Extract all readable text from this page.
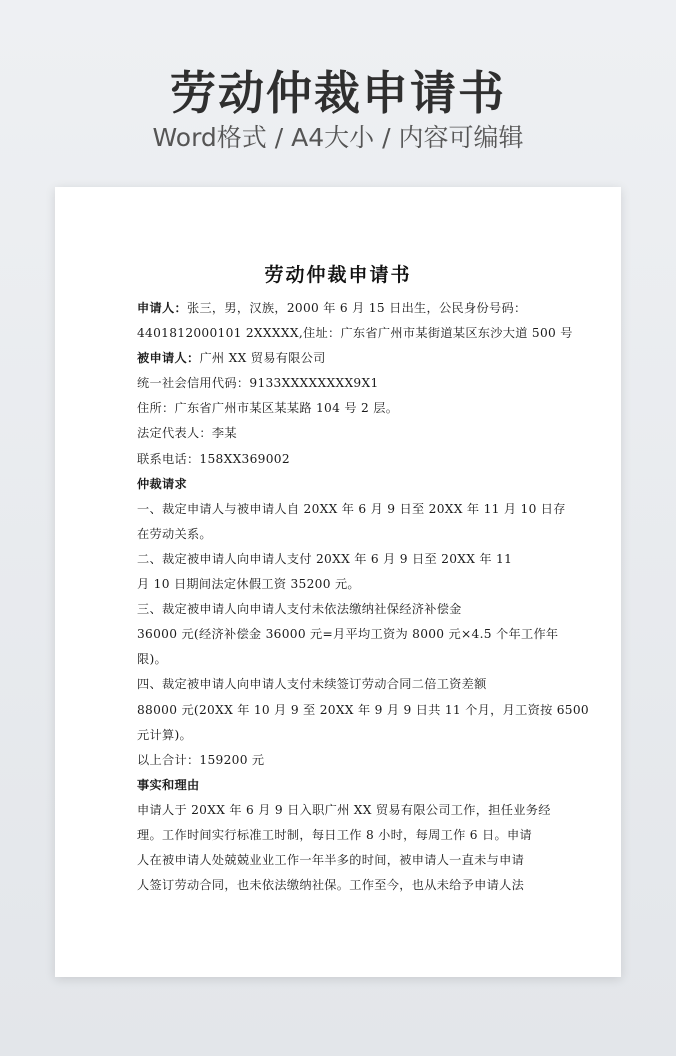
劳动仲裁申请书
Word格式 / A4大小 / 内容可编辑
劳动仲裁申请书
申请人：张三，男，汉族，2000 年 6 月 15 日出生，公民身份号码：
4401812000101 2XXXXX,住址：广东省广州市某街道某区东沙大道 500 号
被申请人：广州 XX 贸易有限公司
统一社会信用代码：9133XXXXXXXX9X1
住所：广东省广州市某区某某路 104 号 2 层。
法定代表人：李某
联系电话：158XX369002
仲裁请求
一、裁定申请人与被申请人自 20XX 年 6 月 9 日至 20XX 年 11 月 10 日存
在劳动关系。
二、裁定被申请人向申请人支付 20XX 年 6 月 9 日至 20XX 年 11
月 10 日期间法定休假工资 35200 元。
三、裁定被申请人向申请人支付未依法缴纳社保经济补偿金
36000 元(经济补偿金 36000 元=月平均工资为 8000 元×4.5 个年工作年
限)。
四、裁定被申请人向申请人支付未续签订劳动合同二倍工资差额
88000 元(20XX 年 10 月 9 至 20XX 年 9 月 9 日共 11 个月，月工资按 6500
元计算)。
以上合计：159200 元
事实和理由
申请人于 20XX 年 6 月 9 日入职广州 XX 贸易有限公司工作，担任业务经
理。工作时间实行标准工时制，每日工作 8 小时，每周工作 6 日。申请
人在被申请人处兢兢业业工作一年半多的时间，被申请人一直未与申请
人签订劳动合同，也未依法缴纳社保。工作至今，也从未给予申请人法
